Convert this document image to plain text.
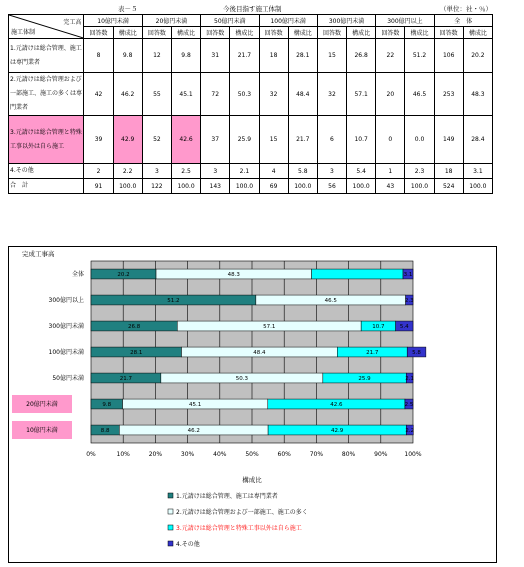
表－５	今後目指す施工体制	（単位：社・％）
完工高
施工体制	10億円未満		20億円未満		50億円未満		100億円未満		300億円未満		300億円以上		全　体	
	回答数	構成比	回答数	構成比	回答数	構成比	回答数	構成比	回答数	構成比	回答数	構成比	回答数	構成比
1.元請けは総合管理、施工は専門業者	8	9.8	12	9.8	31	21.7	18	28.1	15	26.8	22	51.2	106	20.2
2.元請けは総合管理および一部施工、施工の多くは専門業者	42	46.2	55	45.1	72	50.3	32	48.4	32	57.1	20	46.5	253	48.3
3.元請けは総合管理と特殊工事以外は自ら施工	39	42.9	52	42.6	37	25.9	15	21.7	6	10.7	0	0.0	149	28.4
4.その他	2	2.2	3	2.5	3	2.1	4	5.8	3	5.4	1	2.3	18	3.1
合　計	91	100.0	122	100.0	143	100.0	69	100.0	56	100.0	43	100.0	524	100.0
完成工事高
0%	10%	20%	30%	40%	50%	60%	70%	80%	90%	100%
構成比
全体	20.2	48.3	3.1
300億円以上	51.2	46.5	2.3
300億円未満	26.8	57.1	10.7	5.4
100億円未満	28.1	48.4	21.7	5.8
50億円未満	21.7	50.3	25.9	2.1
20億円未満	9.8	45.1	42.6	2.5
10億円未満	8.8	46.2	42.9	2.2
1.元請けは総合管理、施工は専門業者
2.元請けは総合管理および一部施工、施工の多く
3.元請けは総合管理と特殊工事以外は自ら施工
4.その他
